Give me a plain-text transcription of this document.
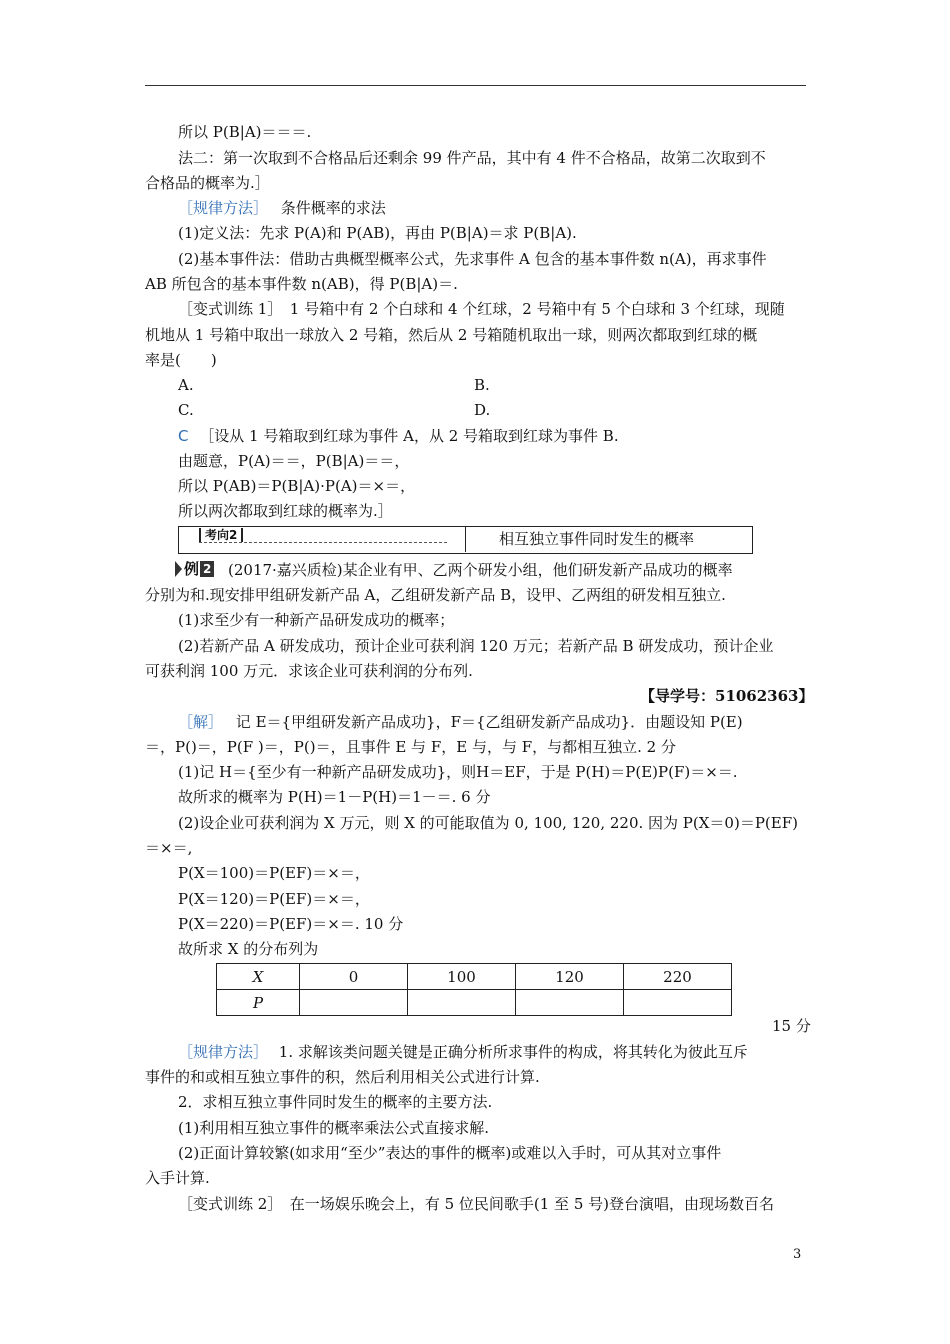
所以 P(B|A)＝＝＝.
法二：第一次取到不合格品后还剩余 99 件产品，其中有 4 件不合格品，故第二次取到不
合格品的概率为.］
［规律方法］ 条件概率的求法
(1)定义法：先求 P(A)和 P(AB)，再由 P(B|A)＝求 P(B|A).
(2)基本事件法：借助古典概型概率公式，先求事件 A 包含的基本事件数 n(A)，再求事件
AB 所包含的基本事件数 n(AB)，得 P(B|A)＝.
［变式训练 1］　1 号箱中有 2 个白球和 4 个红球，2 号箱中有 5 个白球和 3 个红球，现随
机地从 1 号箱中取出一球放入 2 号箱，然后从 2 号箱随机取出一球，则两次都取到红球的概
率是(　　)
A.	B.
C.	D.
C ［设从 1 号箱取到红球为事件 A，从 2 号箱取到红球为事件 B.
由题意，P(A)＝＝，P(B|A)＝＝，
所以 P(AB)＝P(B|A)·P(A)＝×＝，
所以两次都取到红球的概率为.］
考向2	相互独立事件同时发生的概率
例 2 (2017·嘉兴质检)某企业有甲、乙两个研发小组，他们研发新产品成功的概率
分别为和.现安排甲组研发新产品 A，乙组研发新产品 B，设甲、乙两组的研发相互独立.
(1)求至少有一种新产品研发成功的概率；
(2)若新产品 A 研发成功，预计企业可获利润 120 万元；若新产品 B 研发成功，预计企业
可获利润 100 万元．求该企业可获利润的分布列.
【导学号：51062363】
［解］ 记 E＝{甲组研发新产品成功}，F＝{乙组研发新产品成功}．由题设知 P(E)
＝，P()＝，P(F )＝，P()＝，且事件 E 与 F，E 与，与 F，与都相互独立. 2 分
(1)记 H＝{至少有一种新产品研发成功}，则H＝EF，于是 P(H)＝P(E)P(F)＝×＝.
故所求的概率为 P(H)＝1－P(H)＝1－＝. 6 分
(2)设企业可获利润为 X 万元，则 X 的可能取值为 0, 100, 120, 220. 因为 P(X＝0)＝P(EF)
＝×＝,
P(X＝100)＝P(EF)＝×＝，
P(X＝120)＝P(EF)＝×＝，
P(X＝220)＝P(EF)＝×＝. 10 分
故所求 X 的分布列为
X	0	100	120	220
P				
15 分
［规律方法］ 1. 求解该类问题关键是正确分析所求事件的构成，将其转化为彼此互斥
事件的和或相互独立事件的积，然后利用相关公式进行计算.
2．求相互独立事件同时发生的概率的主要方法.
(1)利用相互独立事件的概率乘法公式直接求解.
(2)正面计算较繁(如求用“至少”表达的事件的概率)或难以入手时，可从其对立事件
入手计算.
［变式训练 2］　在一场娱乐晚会上，有 5 位民间歌手(1 至 5 号)登台演唱，由现场数百名
3
